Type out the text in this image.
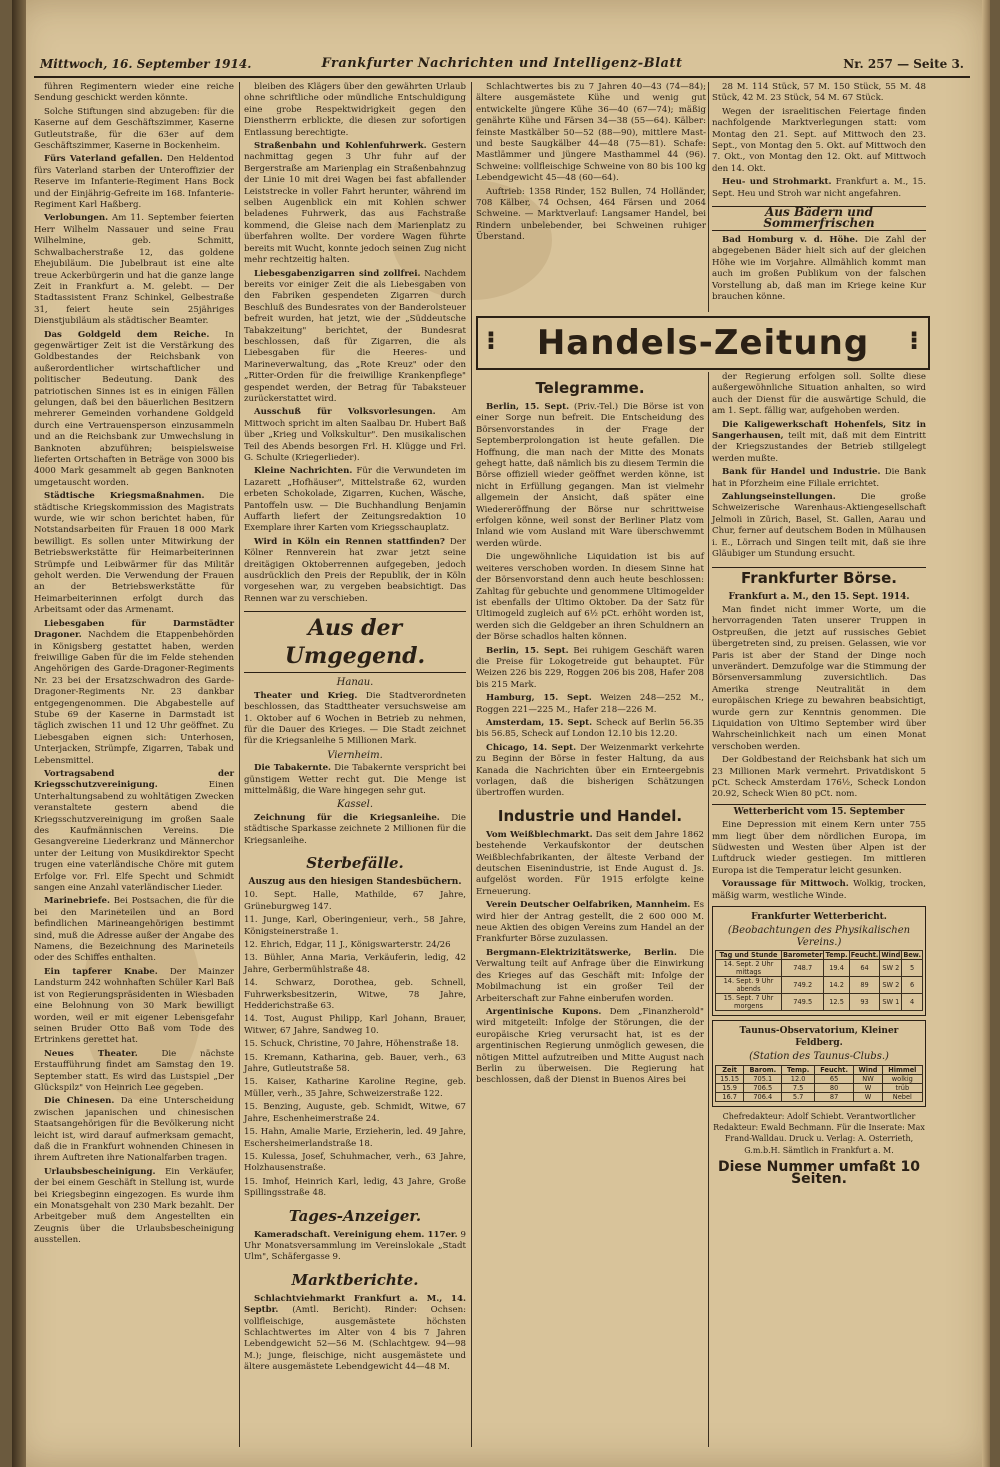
Mittwoch, 16. September 1914.	Frankfurter Nachrichten und Intelligenz-Blatt	Nr. 257 — Seite 3.

führen Regimentern wieder eine reiche Sendung geschickt werden könnte.

Solche Stiftungen sind abzugeben: für die Kaserne auf dem Geschäftszimmer, Kaserne Gutleutstraße, für die 63er auf dem Geschäftszimmer, Kaserne in Bockenheim.

Fürs Vaterland gefallen. Den Heldentod fürs Vaterland starben der Unteroffizier der Reserve im Infanterie-Regiment Hans Bock und der Einjährig-Gefreite im 168. Infanterie-Regiment Karl Haßberg.

Verlobungen. Am 11. September feierten Herr Wilhelm Nassauer und seine Frau Wilhelmine, geb. Schmitt, Schwalbacherstraße 12, das goldene Ehejubiläum. Die Jubelbraut ist eine alte treue Ackerbürgerin und hat die ganze lange Zeit in Frankfurt a. M. gelebt. — Der Stadtassistent Franz Schinkel, Gelbestraße 31, feiert heute sein 25jähriges Dienstjubiläum als städtischer Beamter.

Das Goldgeld dem Reiche. In gegenwärtiger Zeit ist die Verstärkung des Goldbestandes der Reichsbank von außerordentlicher wirtschaftlicher und politischer Bedeutung. Dank des patriotischen Sinnes ist es in einigen Fällen gelungen, daß bei den bäuerlichen Besitzern mehrerer Gemeinden vorhandene Goldgeld durch eine Vertrauensperson einzusammeln und an die Reichsbank zur Umwechslung in Banknoten abzuführen; beispielsweise lieferten Ortschaften in Beträge von 3000 bis 4000 Mark gesammelt ab gegen Banknoten umgetauscht worden.

Städtische Kriegsmaßnahmen. Die städtische Kriegskommission des Magistrats wurde, wie wir schon berichtet haben, für Notstandsarbeiten für Frauen 18 000 Mark bewilligt. Es sollen unter Mitwirkung der Betriebswerkstätte für Heimarbeiterinnen Strümpfe und Leibwärmer für das Militär geholt werden. Die Verwendung der Frauen an der Betriebswerkstätte für Heimarbeiterinnen erfolgt durch das Arbeitsamt oder das Armenamt.

Liebesgaben für Darmstädter Dragoner. Nachdem die Etappenbehörden in Königsberg gestattet haben, werden freiwillige Gaben für die im Felde stehenden Angehörigen des Garde-Dragoner-Regiments Nr. 23 bei der Ersatzschwadron des Garde-Dragoner-Regiments Nr. 23 dankbar entgegengenommen. Die Abgabestelle auf Stube 69 der Kaserne in Darmstadt ist täglich zwischen 11 und 12 Uhr geöffnet. Zu Liebesgaben eignen sich: Unterhosen, Unterjacken, Strümpfe, Zigarren, Tabak und Lebensmittel.

Vortragsabend der Kriegsschutzvereinigung. Einen Unterhaltungsabend zu wohltätigen Zwecken veranstaltete gestern abend die Kriegsschutzvereinigung im großen Saale des Kaufmännischen Vereins. Die Gesangvereine Liederkranz und Männerchor unter der Leitung von Musikdirektor Specht trugen eine vaterländische Chöre mit gutem Erfolge vor. Frl. Elfe Specht und Schmidt sangen eine Anzahl vaterländischer Lieder.

Marinebriefe. Bei Postsachen, die für die bei den Marineteilen und an Bord befindlichen Marineangehörigen bestimmt sind, muß die Adresse außer der Angabe des Namens, die Bezeichnung des Marineteils oder des Schiffes enthalten.

Ein tapferer Knabe. Der Mainzer Landsturm 242 wohnhaften Schüler Karl Baß ist von Regierungspräsidenten in Wiesbaden eine Belohnung von 30 Mark bewilligt worden, weil er mit eigener Lebensgefahr seinen Bruder Otto Baß vom Tode des Ertrinkens gerettet hat.

Neues Theater. Die nächste Erstaufführung findet am Samstag den 19. September statt. Es wird das Lustspiel „Der Glückspilz" von Heinrich Lee gegeben.

Die Chinesen. Da eine Unterscheidung zwischen japanischen und chinesischen Staatsangehörigen für die Bevölkerung nicht leicht ist, wird darauf aufmerksam gemacht, daß die in Frankfurt wohnenden Chinesen in ihrem Auftreten ihre Nationalfarben tragen.

Urlaubsbescheinigung. Ein Verkäufer, der bei einem Geschäft in Stellung ist, wurde bei Kriegsbeginn eingezogen. Es wurde ihm ein Monatsgehalt von 230 Mark bezahlt. Der Arbeitgeber muß dem Angestellten ein Zeugnis über die Urlaubsbescheinigung ausstellen.

bleiben des Klägers über den gewährten Urlaub ohne schriftliche oder mündliche Entschuldigung eine grobe Respektwidrigkeit gegen den Dienstherrn erblickte, die diesen zur sofortigen Entlassung berechtigte.

Straßenbahn und Kohlenfuhrwerk. Gestern nachmittag gegen 3 Uhr fuhr auf der Bergerstraße am Marienplag ein Straßenbahnzug der Linie 10 mit drei Wagen bei fast abfallender Leiststrecke in voller Fahrt herunter, während im selben Augenblick ein mit Kohlen schwer beladenes Fuhrwerk, das aus Fachstraße kommend, die Gleise nach dem Marienplatz zu überfahren wollte. Der vordere Wagen führte bereits mit Wucht, konnte jedoch seinen Zug nicht mehr rechtzeitig halten.

Liebesgabenzigarren sind zollfrei. Nachdem bereits vor einiger Zeit die als Liebesgaben von den Fabriken gespendeten Zigarren durch Beschluß des Bundesrates von der Banderolsteuer befreit wurden, hat jetzt, wie der „Süddeutsche Tabakzeitung" berichtet, der Bundesrat beschlossen, daß für Zigarren, die als Liebesgaben für die Heeres- und Marineverwaltung, das „Rote Kreuz" oder den „Ritter-Orden für die freiwillige Krankenpflege" gespendet werden, der Betrag für Tabaksteuer zurückerstattet wird.

Ausschuß für Volksvorlesungen. Am Mittwoch spricht im alten Saalbau Dr. Hubert Baß über „Krieg und Volkskultur". Den musikalischen Teil des Abends besorgen Frl. H. Klügge und Frl. G. Schulte (Kriegerlieder).

Kleine Nachrichten. Für die Verwundeten im Lazarett „Hofhäuser", Mittelstraße 62, wurden erbeten Schokolade, Zigarren, Kuchen, Wäsche, Pantoffeln usw. — Die Buchhandlung Benjamin Auffarth liefert der Zeitungsredaktion 10 Exemplare ihrer Karten vom Kriegsschauplatz.

Wird in Köln ein Rennen stattfinden? Der Kölner Rennverein hat zwar jetzt seine dreitägigen Oktoberrennen aufgegeben, jedoch ausdrücklich den Preis der Republik, der in Köln vorgesehen war, zu vergeben beabsichtigt. Das Rennen war zu verschieben.

Aus der Umgegend.
Hanau.

Theater und Krieg. Die Stadtverordneten beschlossen, das Stadttheater versuchsweise am 1. Oktober auf 6 Wochen in Betrieb zu nehmen, für die Dauer des Krieges. — Die Stadt zeichnet für die Kriegsanleihe 5 Millionen Mark.

Viernheim.

Die Tabakernte. Die Tabakernte verspricht bei günstigem Wetter recht gut. Die Menge ist mittelmäßig, die Ware hingegen sehr gut.

Kassel.

Zeichnung für die Kriegsanleihe. Die städtische Sparkasse zeichnete 2 Millionen für die Kriegsanleihe.

Sterbefälle.
Auszug aus den hiesigen Standesbüchern.

10. Sept. Halle, Mathilde, 67 Jahre, Grüneburgweg 147.

11. Junge, Karl, Oberingenieur, verh., 58 Jahre, Königsteinerstraße 1.

12. Ehrich, Edgar, 11 J., Königswarterstr. 24/26

13. Bühler, Anna Maria, Verkäuferin, ledig, 42 Jahre, Gerbermühlstraße 48.

14. Schwarz, Dorothea, geb. Schnell, Fuhrwerksbesitzerin, Witwe, 78 Jahre, Hedderichstraße 63.

14. Tost, August Philipp, Karl Johann, Brauer, Witwer, 67 Jahre, Sandweg 10.

15. Schuck, Christine, 70 Jahre, Höhenstraße 18.

15. Kremann, Katharina, geb. Bauer, verh., 63 Jahre, Gutleutstraße 58.

15. Kaiser, Katharine Karoline Regine, geb. Müller, verh., 35 Jahre, Schweizerstraße 122.

15. Benzing, Auguste, geb. Schmidt, Witwe, 67 Jahre, Eschenheimerstraße 24.

15. Hahn, Amalie Marie, Erzieherin, led. 49 Jahre, Eschersheimerlandstraße 18.

15. Kulessa, Josef, Schuhmacher, verh., 63 Jahre, Holzhausenstraße.

15. Imhof, Heinrich Karl, ledig, 43 Jahre, Große Spillingsstraße 48.

Tages-Anzeiger.

Kameradschaft. Vereinigung ehem. 117er. 9 Uhr Monatsversammlung im Vereinslokale „Stadt Ulm", Schäfergasse 9.

Marktberichte.

Schlachtviehmarkt Frankfurt a. M., 14. Septbr. (Amtl. Bericht). Rinder: Ochsen: vollfleischige, ausgemästete höchsten Schlachtwertes im Alter von 4 bis 7 Jahren Lebendgewicht 52—56 M. (Schlachtgew. 94—98 M.); junge, fleischige, nicht ausgemästete und ältere ausgemästete Lebendgewicht 44—48 M.

Schlachtwertes bis zu 7 Jahren 40—43 (74—84); ältere ausgemästete Kühe und wenig gut entwickelte jüngere Kühe 36—40 (67—74); mäßig genährte Kühe und Färsen 34—38 (55—64). Kälber: feinste Mastkälber 50—52 (88—90), mittlere Mast- und beste Saugkälber 44—48 (75—81). Schafe: Mastlämmer und jüngere Masthammel 44 (96). Schweine: vollfleischige Schweine von 80 bis 100 kg Lebendgewicht 45—48 (60—64).

Auftrieb: 1358 Rinder, 152 Bullen, 74 Holländer, 708 Kälber, 74 Ochsen, 464 Färsen und 2064 Schweine. — Marktverlauf: Langsamer Handel, bei Rindern unbelebender, bei Schweinen ruhiger Überstand.

28 M. 114 Stück, 57 M. 150 Stück, 55 M. 48 Stück, 42 M. 23 Stück, 54 M. 67 Stück.

Wegen der israelitischen Feiertage finden nachfolgende Marktverlegungen statt: vom Montag den 21. Sept. auf Mittwoch den 23. Sept., von Montag den 5. Okt. auf Mittwoch den 7. Okt., von Montag den 12. Okt. auf Mittwoch den 14. Okt.

Heu- und Strohmarkt. Frankfurt a. M., 15. Sept. Heu und Stroh war nicht angefahren.

Aus Bädern und Sommerfrischen

Bad Homburg v. d. Höhe. Die Zahl der abgegebenen Bäder hielt sich auf der gleichen Höhe wie im Vorjahre. Allmählich kommt man auch im großen Publikum von der falschen Vorstellung ab, daß man im Kriege keine Kur brauchen könne.

⁝ Handels-Zeitung ⁝
Telegramme.

Berlin, 15. Sept. (Priv.-Tel.) Die Börse ist von einer Sorge nun befreit. Die Entscheidung des Börsenvorstandes in der Frage der Septemberprolongation ist heute gefallen. Die Hoffnung, die man nach der Mitte des Monats gehegt hatte, daß nämlich bis zu diesem Termin die Börse offiziell wieder geöffnet werden könne, ist nicht in Erfüllung gegangen. Man ist vielmehr allgemein der Ansicht, daß später eine Wiedereröffnung der Börse nur schrittweise erfolgen könne, weil sonst der Berliner Platz vom Inland wie vom Ausland mit Ware überschwemmt werden würde.

Die ungewöhnliche Liquidation ist bis auf weiteres verschoben worden. In diesem Sinne hat der Börsenvorstand denn auch heute beschlossen: Zahltag für gebuchte und genommene Ultimogelder ist ebenfalls der Ultimo Oktober. Da der Satz für Ultimogeld zugleich auf 6½ pCt. erhöht worden ist, werden sich die Geldgeber an ihren Schuldnern an der Börse schadlos halten können.

Berlin, 15. Sept. Bei ruhigem Geschäft waren die Preise für Lokogetreide gut behauptet. Für Weizen 226 bis 229, Roggen 206 bis 208, Hafer 208 bis 215 Mark.

Hamburg, 15. Sept. Weizen 248—252 M., Roggen 221—225 M., Hafer 218—226 M.

Amsterdam, 15. Sept. Scheck auf Berlin 56.35 bis 56.85, Scheck auf London 12.10 bis 12.20.

Chicago, 14. Sept. Der Weizenmarkt verkehrte zu Beginn der Börse in fester Haltung, da aus Kanada die Nachrichten über ein Ernteergebnis vorlagen, daß die bisherigen Schätzungen übertroffen wurden.

Industrie und Handel.

Vom Weißblechmarkt. Das seit dem Jahre 1862 bestehende Verkaufskontor der deutschen Weißblechfabrikanten, der älteste Verband der deutschen Eisenindustrie, ist Ende August d. Js. aufgelöst worden. Für 1915 erfolgte keine Erneuerung.

Verein Deutscher Oelfabriken, Mannheim. Es wird hier der Antrag gestellt, die 2 600 000 M. neue Aktien des obigen Vereins zum Handel an der Frankfurter Börse zuzulassen.

Bergmann-Elektrizitätswerke, Berlin. Die Verwaltung teilt auf Anfrage über die Einwirkung des Krieges auf das Geschäft mit: Infolge der Mobilmachung ist ein großer Teil der Arbeiterschaft zur Fahne einberufen worden.

Argentinische Kupons. Dem „Finanzherold" wird mitgeteilt: Infolge der Störungen, die der europäische Krieg verursacht hat, ist es der argentinischen Regierung unmöglich gewesen, die nötigen Mittel aufzutreiben und Mitte August nach Berlin zu überweisen. Die Regierung hat beschlossen, daß der Dienst in Buenos Aires bei

der Regierung erfolgen soll. Sollte diese außergewöhnliche Situation anhalten, so wird auch der Dienst für die auswärtige Schuld, die am 1. Sept. fällig war, aufgehoben werden.

Die Kaligewerkschaft Hohenfels, Sitz in Sangerhausen, teilt mit, daß mit dem Eintritt der Kriegszustandes der Betrieb stillgelegt werden mußte.

Bank für Handel und Industrie. Die Bank hat in Pforzheim eine Filiale errichtet.

Zahlungseinstellungen. Die große Schweizerische Warenhaus-Aktiengesellschaft Jelmoli in Zürich, Basel, St. Gallen, Aarau und Chur, ferner auf deutschem Boden in Mülhausen i. E., Lörrach und Singen teilt mit, daß sie ihre Gläubiger um Stundung ersucht.

Frankfurter Börse.
Frankfurt a. M., den 15. Sept. 1914.

Man findet nicht immer Worte, um die hervorragenden Taten unserer Truppen in Ostpreußen, die jetzt auf russisches Gebiet übergetreten sind, zu preisen. Gelassen, wie vor Paris ist aber der Stand der Dinge noch unverändert. Demzufolge war die Stimmung der Börsenversammlung zuversichtlich. Das Amerika strenge Neutralität in dem europäischen Kriege zu bewahren beabsichtigt, wurde gern zur Kenntnis genommen. Die Liquidation von Ultimo September wird über Wahrscheinlichkeit nach um einen Monat verschoben werden.

Der Goldbestand der Reichsbank hat sich um 23 Millionen Mark vermehrt. Privatdiskont 5 pCt. Scheck Amsterdam 176½, Scheck London 20.92, Scheck Wien 80 pCt. nom.

Wetterbericht vom 15. September

Eine Depression mit einem Kern unter 755 mm liegt über dem nördlichen Europa, im Südwesten und Westen über Alpen ist der Luftdruck wieder gestiegen. Im mittleren Europa ist die Temperatur leicht gesunken.

Voraussage für Mittwoch. Wolkig, trocken, mäßig warm, westliche Winde.

Frankfurter Wetterbericht.
(Beobachtungen des Physikalischen Vereins.)
Tag und Stunde	Barometer	Temp.	Feucht.	Wind	Bew.
14. Sept. 2 Uhr mittags	748.7	19.4	64	SW 2	5
14. Sept. 9 Uhr abends	749.2	14.2	89	SW 2	6
15. Sept. 7 Uhr morgens	749.5	12.5	93	SW 1	4
Taunus-Observatorium, Kleiner Feldberg.
(Station des Taunus-Clubs.)
Zeit	Barom.	Temp.	Feucht.	Wind	Himmel
15.15	705.1	12.0	65	NW	wolkig
15.9	706.5	7.5	80	W	trüb
16.7	706.4	5.7	87	W	Nebel

Chefredakteur: Adolf Schiebt. Verantwortlicher Redakteur: Ewald Bechmann. Für die Inserate: Max Frand-Walldau. Druck u. Verlag: A. Osterrieth, G.m.b.H. Sämtlich in Frankfurt a. M.

Diese Nummer umfaßt 10 Seiten.
